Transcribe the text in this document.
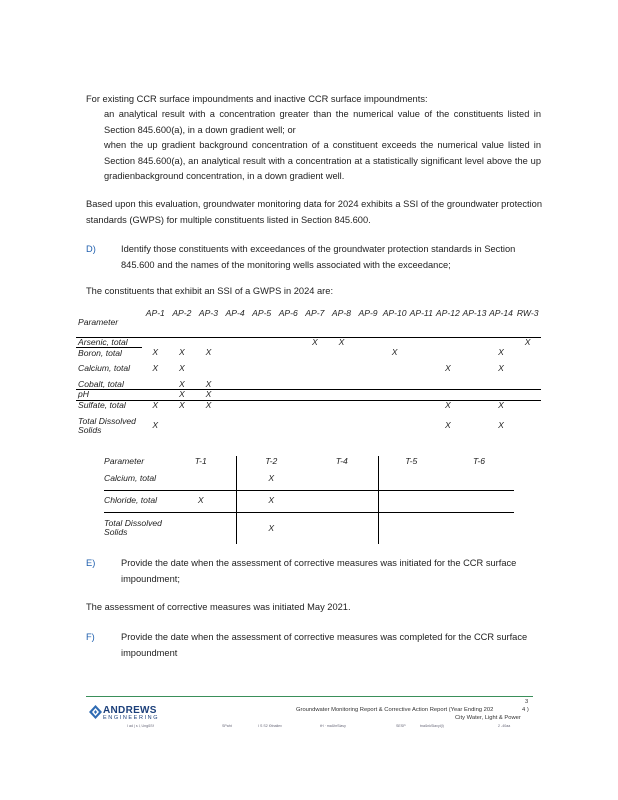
For existing CCR surface impoundments and inactive CCR surface impoundments:
an analytical result with a concentration greater than the numerical value of the constituents listed in Section 845.600(a), in a down gradient well; or
when the up gradient background concentration of a constituent exceeds the numerical value listed in Section 845.600(a), an analytical result with a concentration at a statistically significant level above the up gradienbackground concentration, in a down gradient well.
Based upon this evaluation, groundwater monitoring data for 2024 exhibits a SSI of the groundwater protection standards (GWPS) for multiple constituents listed in Section 845.600.
D)	Identify those constituents with exceedances of the groundwater protection standards in Section 845.600 and the names of the monitoring wells associated with the exceedance;
The constituents that exhibit an SSI of a GWPS in 2024 are:
Parameter	AP-1	AP-2	AP-3	AP-4	AP-5	AP-6	AP-7	AP-8	AP-9	AP-10	AP-11	AP-12	AP-13	AP-14	RW-3
Arsenic, total							X	X							X
Boron, total	X	X	X							X				X	
Calcium, total	X	X										X		X	
Cobalt, total		X	X												
pH		X	X												
Sulfate, total	X	X	X									X		X	
Total Dissolved Solids	X											X		X	
Parameter	T-1	T-2	T-4	T-5	T-6
Calcium, total		X			
Chloride, total	X	X			
Total Dissolved Solids		X			
E)	Provide the date when the assessment of corrective measures was initiated for the CCR surface impoundment;
The assessment of corrective measures was initiated May 2021.
F)	Provide the date when the assessment of corrective measures was completed for the CCR surface impoundment
3
ANDREWS
ENGINEERING
Groundwater Monitoring Report & Corrective Action Report (Year Ending 202	4 )
City Water, Light & Power
I ad | s l, UngßSf	SPaht	I S S2 l0tnaliev	tH · maßhrSlavy	SESP	tnaßnkSlavyl(l)	2 -40aa
